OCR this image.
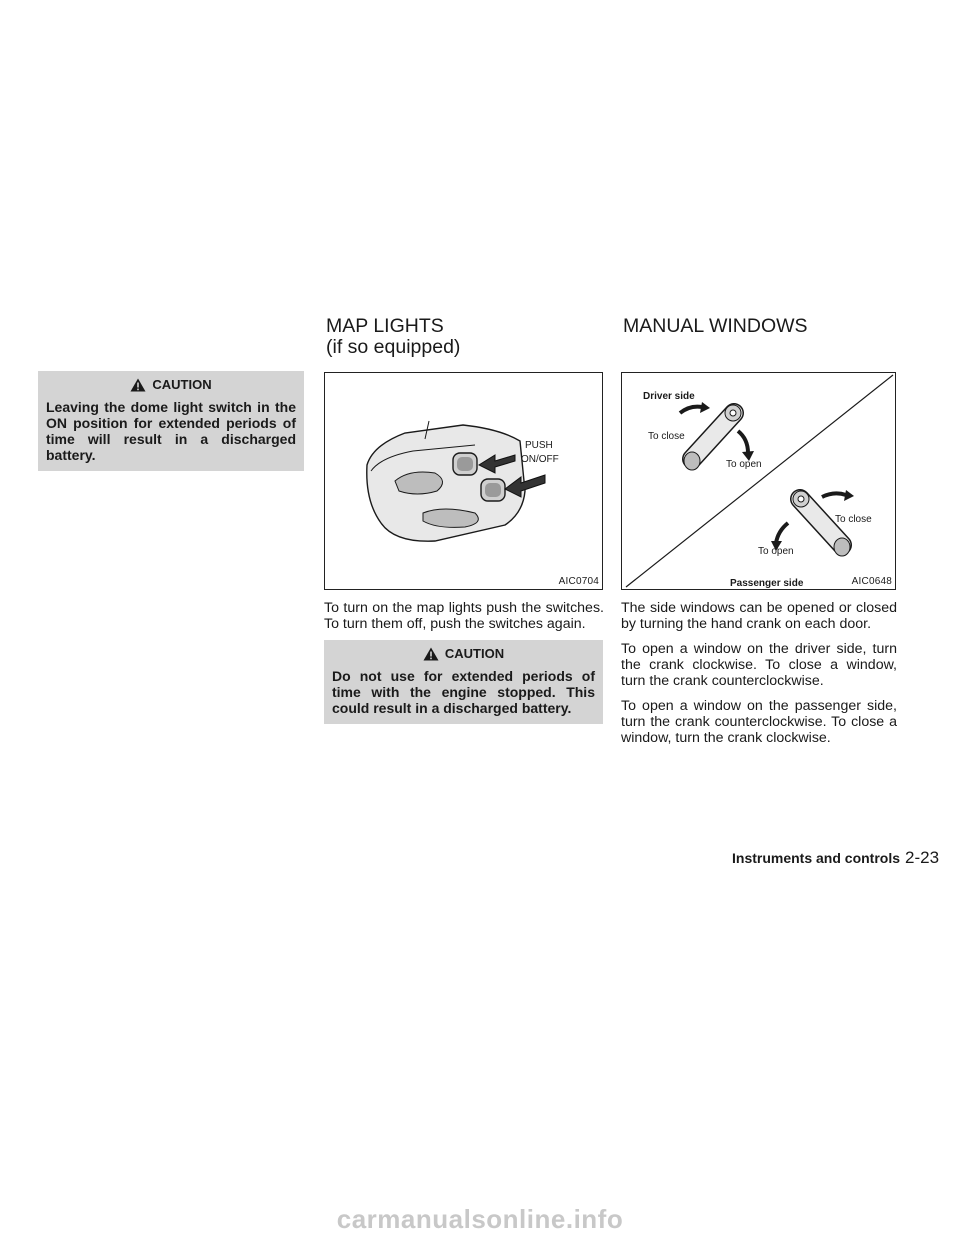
CAUTION
Leaving the dome light switch in the ON position for extended periods of time will result in a discharged battery.
MAP LIGHTS
(if so equipped)
PUSH
ON/OFF
AIC0704

To turn on the map lights push the switches. To turn them off, push the switches again.

CAUTION
Do not use for extended periods of time with the engine stopped. This could result in a discharged battery.
MANUAL WINDOWS
Driver side
To close
To open
To close
To open
Passenger side	AIC0648

The side windows can be opened or closed by turning the hand crank on each door.

To open a window on the driver side, turn the crank clockwise. To close a window, turn the crank counterclockwise.

To open a window on the passenger side, turn the crank counterclockwise. To close a window, turn the crank clockwise.

Instruments and controls 2-23
carmanualsonline.info
